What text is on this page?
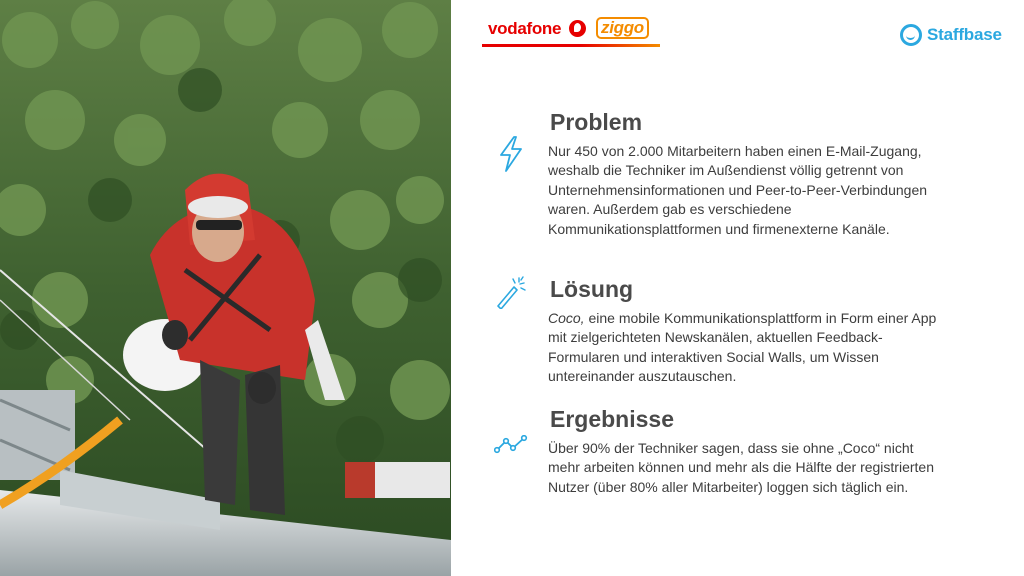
vodafone ziggo	Staffbase
Problem

Nur 450 von 2.000 Mitarbeitern haben einen E-Mail-Zugang, weshalb die Techniker im Außendienst völlig getrennt von Unternehmensinformationen und Peer-to-Peer-Verbindungen waren. Außerdem gab es verschiedene Kommunikationsplattformen und firmenexterne Kanäle.

Lösung

Coco, eine mobile Kommunikationsplattform in Form einer App mit zielgerichteten Newskanälen, aktuellen Feedback-Formularen und interaktiven Social Walls, um Wissen untereinander auszutauschen.

Ergebnisse

Über 90% der Techniker sagen, dass sie ohne „Coco“ nicht mehr arbeiten können und mehr als die Hälfte der registrierten Nutzer (über 80% aller Mitarbeiter) loggen sich täglich ein.
